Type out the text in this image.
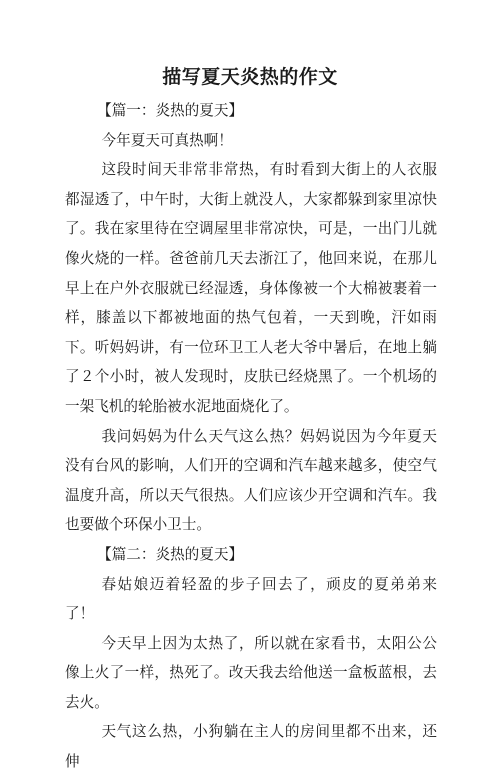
描写夏天炎热的作文

【篇一：炎热的夏天】

今年夏天可真热啊！

这段时间天非常非常热，有时看到大街上的人衣服都湿透了，中午时，大街上就没人，大家都躲到家里凉快了。我在家里待在空调屋里非常凉快，可是，一出门儿就像火烧的一样。爸爸前几天去浙江了，他回来说，在那儿早上在户外衣服就已经湿透，身体像被一个大棉被裹着一样，膝盖以下都被地面的热气包着，一天到晚，汗如雨下。听妈妈讲，有一位环卫工人老大爷中暑后，在地上躺了２个小时，被人发现时，皮肤已经烧黑了。一个机场的一架飞机的轮胎被水泥地面烧化了。

我问妈妈为什么天气这么热？妈妈说因为今年夏天没有台风的影响，人们开的空调和汽车越来越多，使空气温度升高，所以天气很热。人们应该少开空调和汽车。我也要做个环保小卫士。

【篇二：炎热的夏天】

春姑娘迈着轻盈的步子回去了，顽皮的夏弟弟来了！

今天早上因为太热了，所以就在家看书，太阳公公像上火了一样，热死了。改天我去给他送一盒板蓝根，去去火。

天气这么热，小狗躺在主人的房间里都不出来，还伸
